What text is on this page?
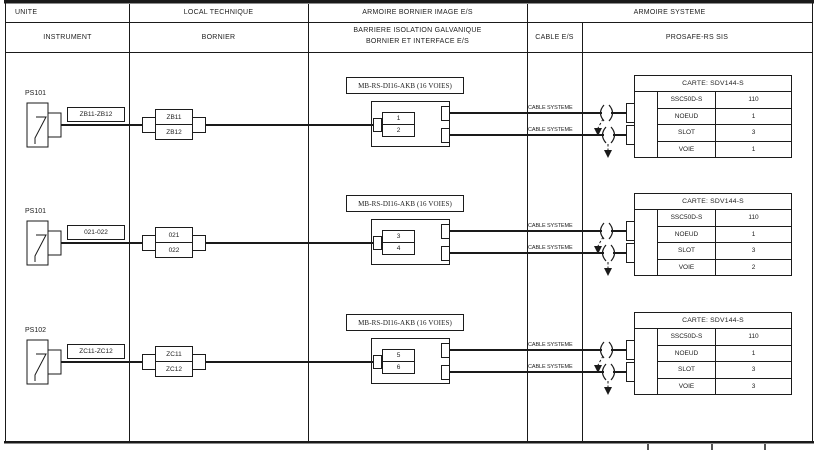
UNITE	LOCAL TECHNIQUE	ARMOIRE BORNIER IMAGE E/S	ARMOIRE SYSTEME
INSTRUMENT	BORNIER
BARRIERE ISOLATION GALVANIQUE
BORNIER ET INTERFACE E/S
CABLE E/S	PROSAFE-RS SIS
PS101
ZB11-ZB12	ZB11
ZB12
MB-RS-DI16-AKB (16 VOIES)
1
2
CABLE SYSTEME
CABLE SYSTEME
CARTE: SDV144-S
SSC50D-S	110
NOEUD	1
SLOT	3
VOIE	1
PS101
021-022	021
022
MB-RS-DI16-AKB (16 VOIES)
3
4
CABLE SYSTEME
CABLE SYSTEME
CARTE: SDV144-S
SSC50D-S	110
NOEUD	1
SLOT	3
VOIE	2
PS102
ZC11-ZC12	ZC11
ZC12
MB-RS-DI16-AKB (16 VOIES)
5
6
CABLE SYSTEME
CABLE SYSTEME
CARTE: SDV144-S
SSC50D-S	110
NOEUD	1
SLOT	3
VOIE	3
